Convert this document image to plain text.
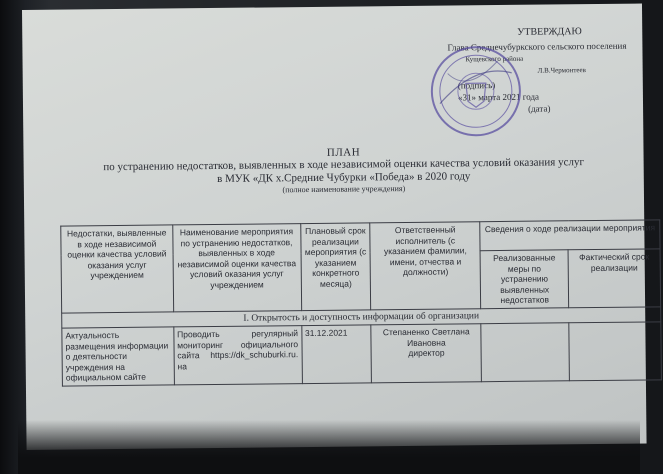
УТВЕРЖДАЮ
Глава Среднечубуркского сельского поселения
Кущевского района
Л.В.Чермонтеев
(подпись)
«31» марта 2021 года
(дата)
ПЛАН
по устранению недостатков, выявленных в ходе независимой оценки качества условий оказания услуг
в МУК «ДК х.Средние Чубурки «Победа» в 2020 году
(полное наименование учреждения)
Недостатки, выявленные в ходе независимой оценки качества условий оказания услуг учреждением	Наименование мероприятия по устранению недостатков, выявленных в ходе независимой оценки качества условий оказания услуг учреждением	Плановый срок реализации мероприятия (с указанием конкретного месяца)	Ответственный исполнитель (с указанием фамилии, имени, отчества и должности)	Сведения о ходе реализации мероприятия	
				Реализованные меры по устранению выявленных недостатков	Фактический срок реализации
I. Открытость и доступность информации об организации					
Актуальность размещения информации о деятельности учреждения на официальном сайте	Проводить регулярный мониторинг официального сайта https://dk_schuburki.ru. на	31.12.2021	Степаненко Светлана
Ивановна
директор		
